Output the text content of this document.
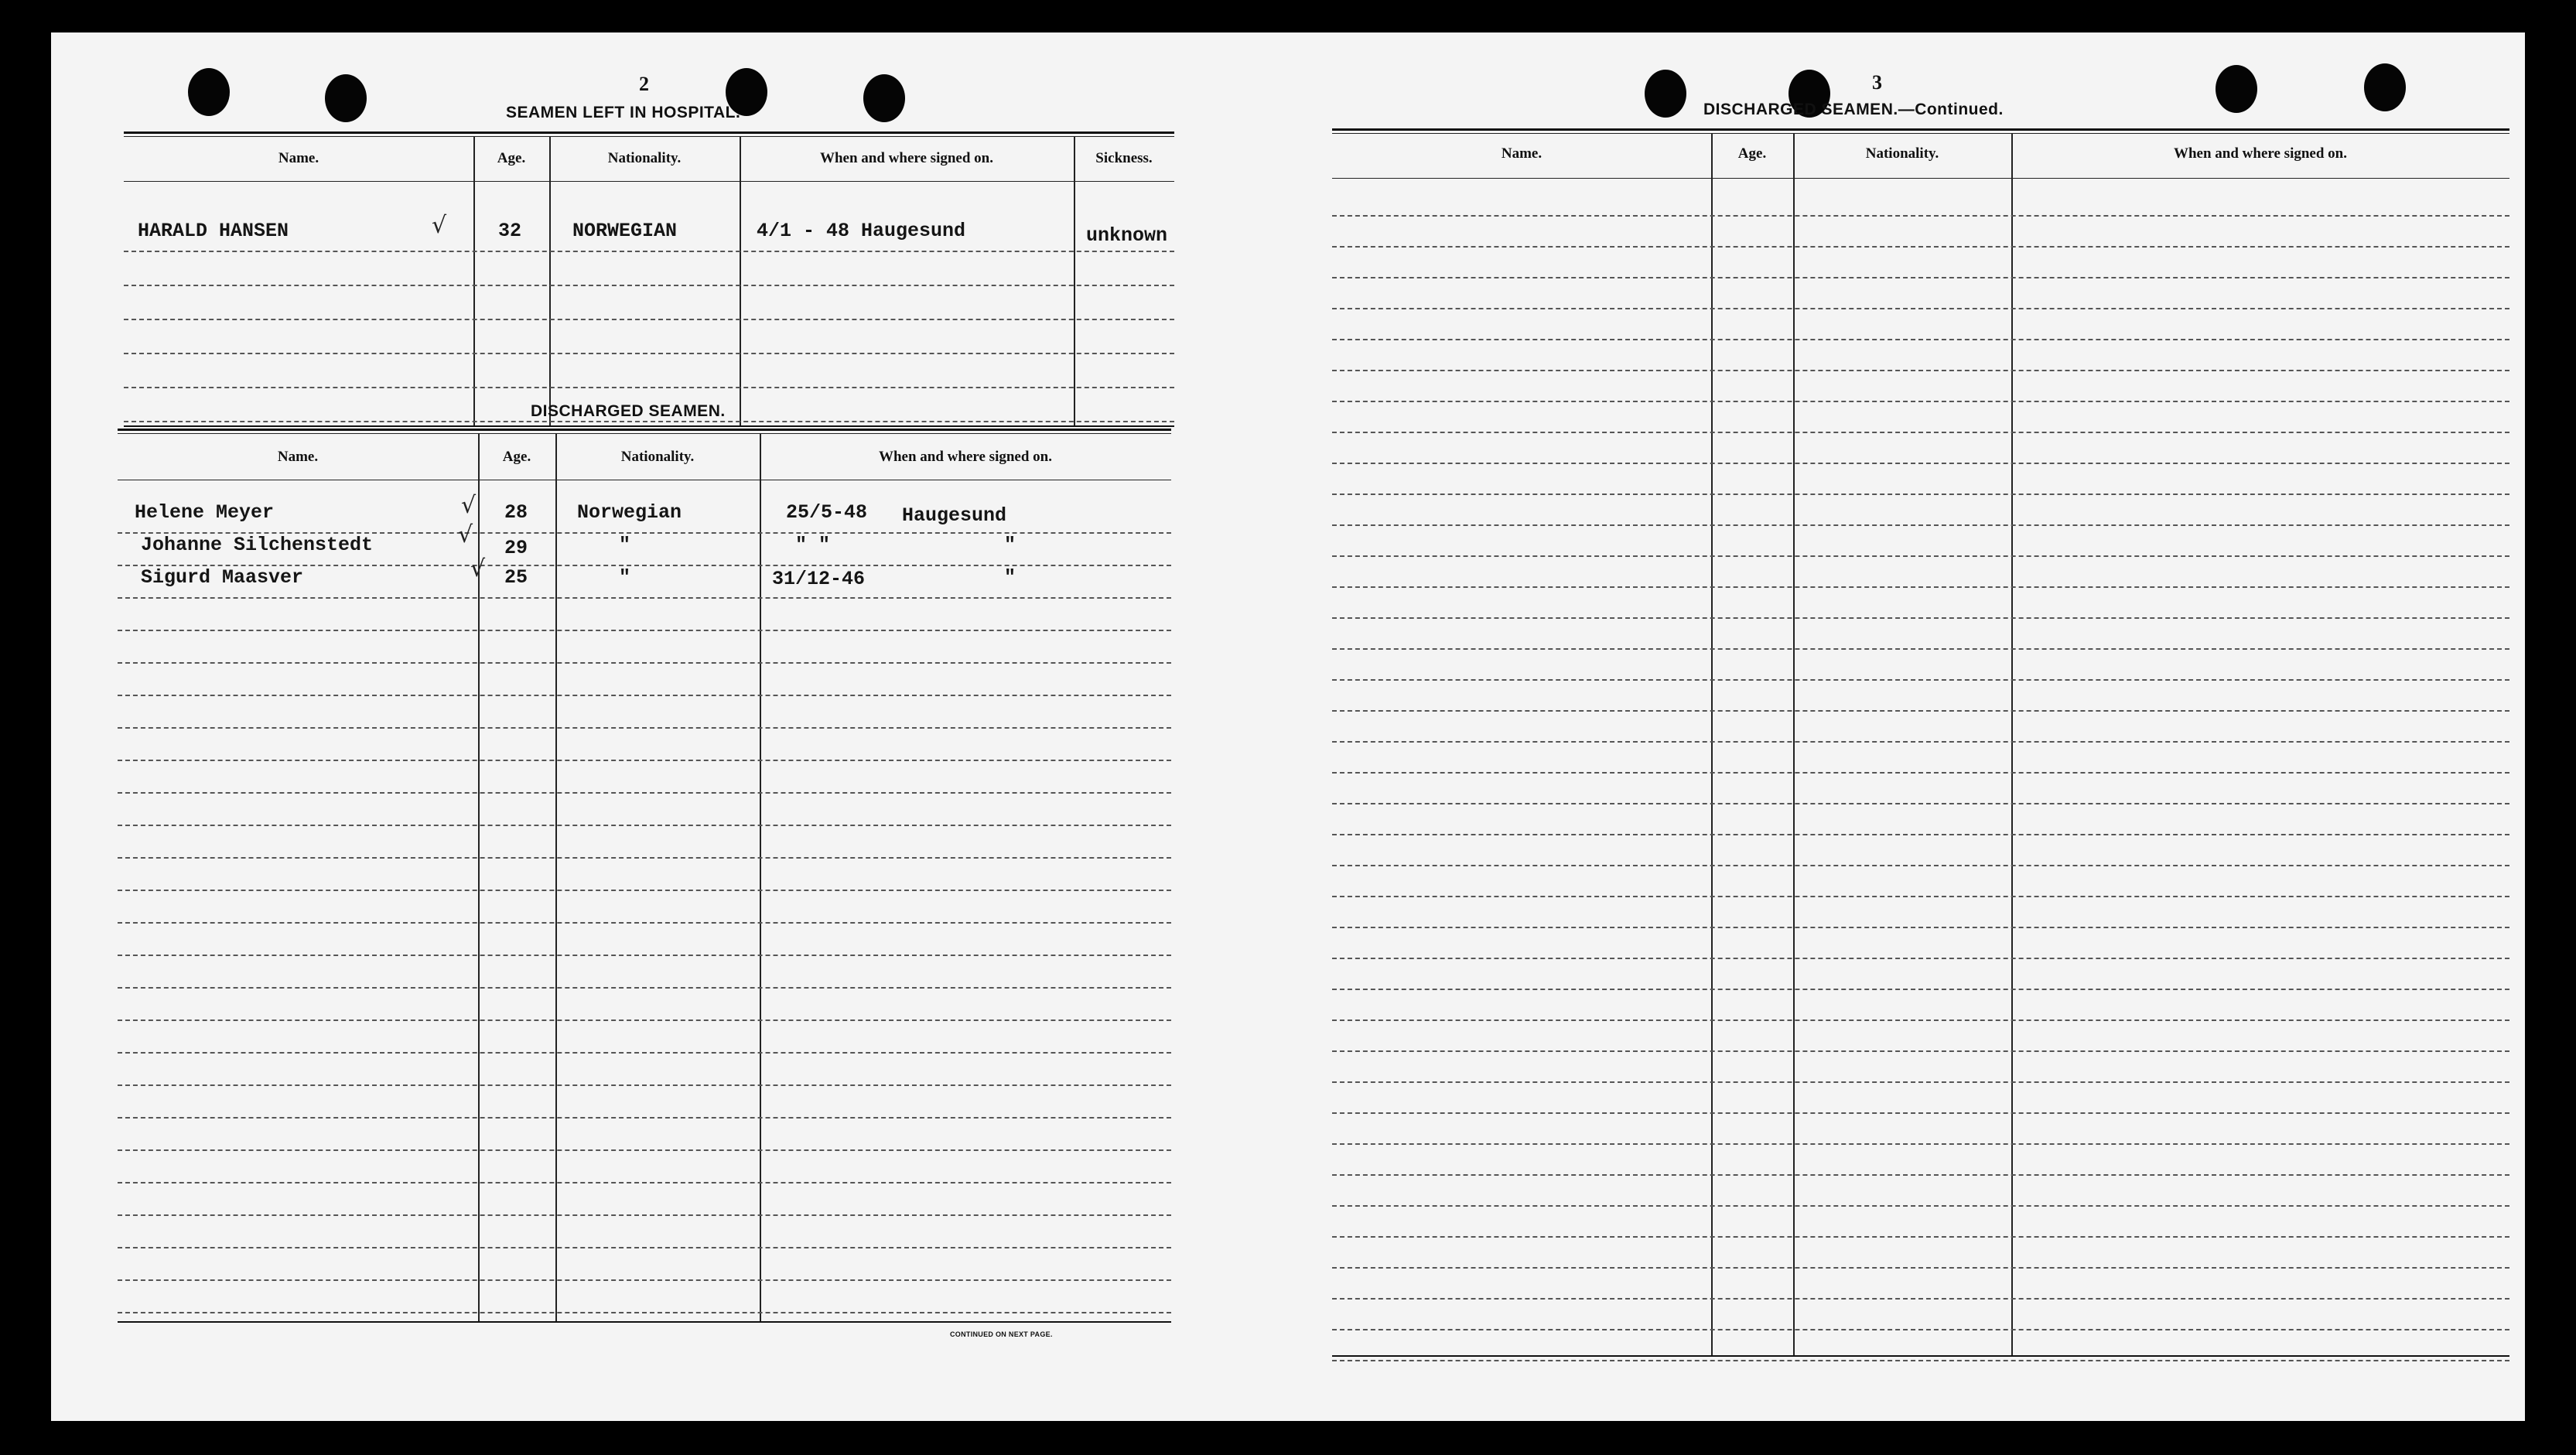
2
SEAMEN LEFT IN HOSPITAL.
Name.	Age.	Nationality.	When and where signed on.	Sickness.
HARALD HANSEN	√	32	NORWEGIAN	4/1 - 48 Haugesund	unknown
DISCHARGED SEAMEN.
Name.	Age.	Nationality.	When and where signed on.
Helene Meyer	√ 28	Norwegian	25/5-48 Haugesund
Johanne Silchenstedt	√ 29	"	" "	"
Sigurd Maasver	√ 25	"	31/12-46	"
CONTINUED ON NEXT PAGE.
3
DISCHARGED SEAMEN.—Continued.
Name.	Age.	Nationality.	When and where signed on.
